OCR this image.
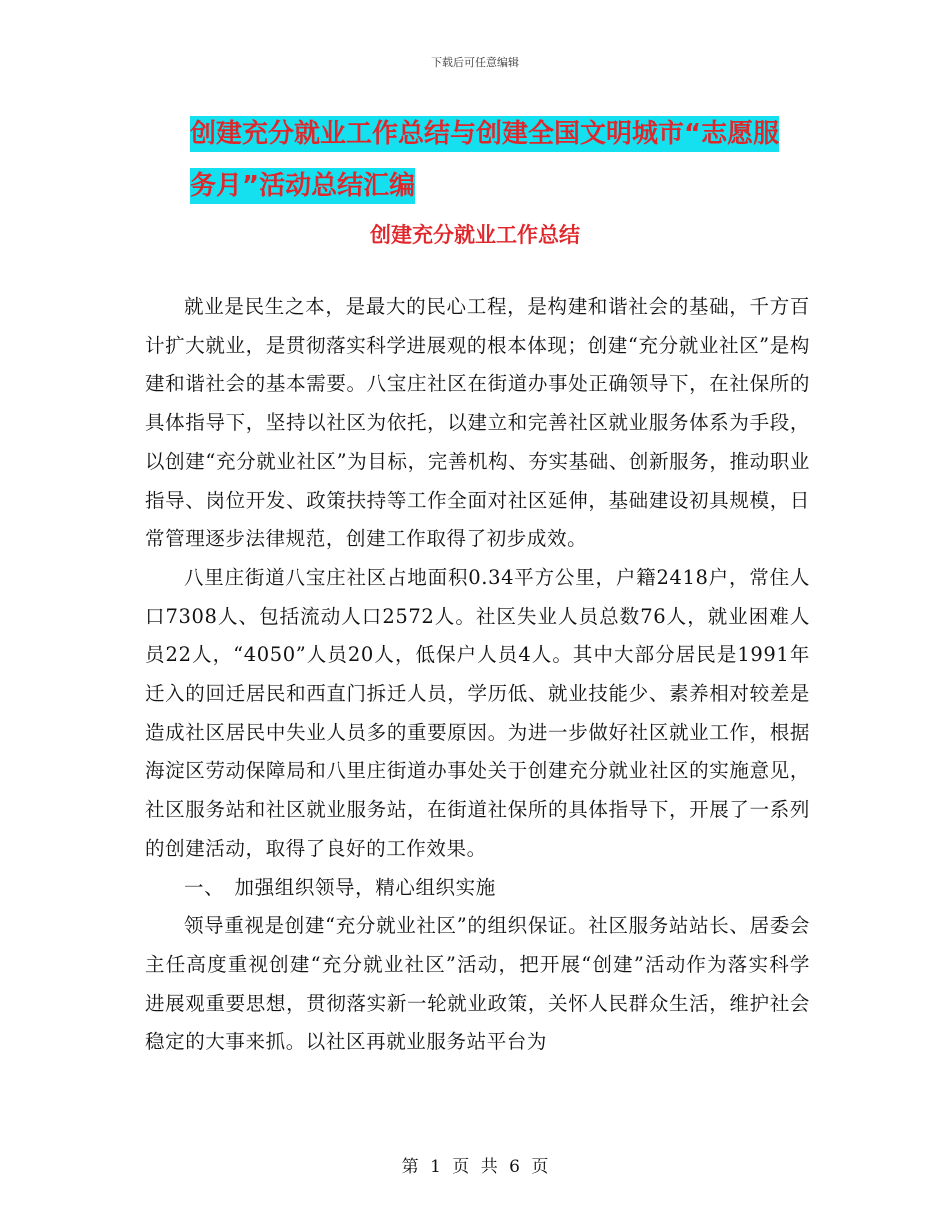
下载后可任意编辑
创建充分就业工作总结与创建全国文明城市“志愿服
务月”活动总结汇编
创建充分就业工作总结

就业是民生之本，是最大的民心工程，是构建和谐社会的基础，千方百计扩大就业，是贯彻落实科学进展观的根本体现；创建“充分就业社区”是构建和谐社会的基本需要。八宝庄社区在街道办事处正确领导下，在社保所的具体指导下，坚持以社区为依托，以建立和完善社区就业服务体系为手段，以创建“充分就业社区”为目标，完善机构、夯实基础、创新服务，推动职业指导、岗位开发、政策扶持等工作全面对社区延伸，基础建设初具规模，日常管理逐步法律规范，创建工作取得了初步成效。

八里庄街道八宝庄社区占地面积0.34平方公里，户籍2418户，常住人口7308人、包括流动人口2572人。社区失业人员总数76人，就业困难人员22人，“4050”人员20人，低保户人员4人。其中大部分居民是1991年迁入的回迁居民和西直门拆迁人员，学历低、就业技能少、素养相对较差是造成社区居民中失业人员多的重要原因。为进一步做好社区就业工作，根据海淀区劳动保障局和八里庄街道办事处关于创建充分就业社区的实施意见，社区服务站和社区就业服务站，在街道社保所的具体指导下，开展了一系列的创建活动，取得了良好的工作效果。

一、　加强组织领导，精心组织实施

领导重视是创建“充分就业社区”的组织保证。社区服务站站长、居委会主任高度重视创建“充分就业社区”活动，把开展“创建”活动作为落实科学进展观重要思想，贯彻落实新一轮就业政策，关怀人民群众生活，维护社会稳定的大事来抓。以社区再就业服务站平台为

第 1 页 共 6 页
